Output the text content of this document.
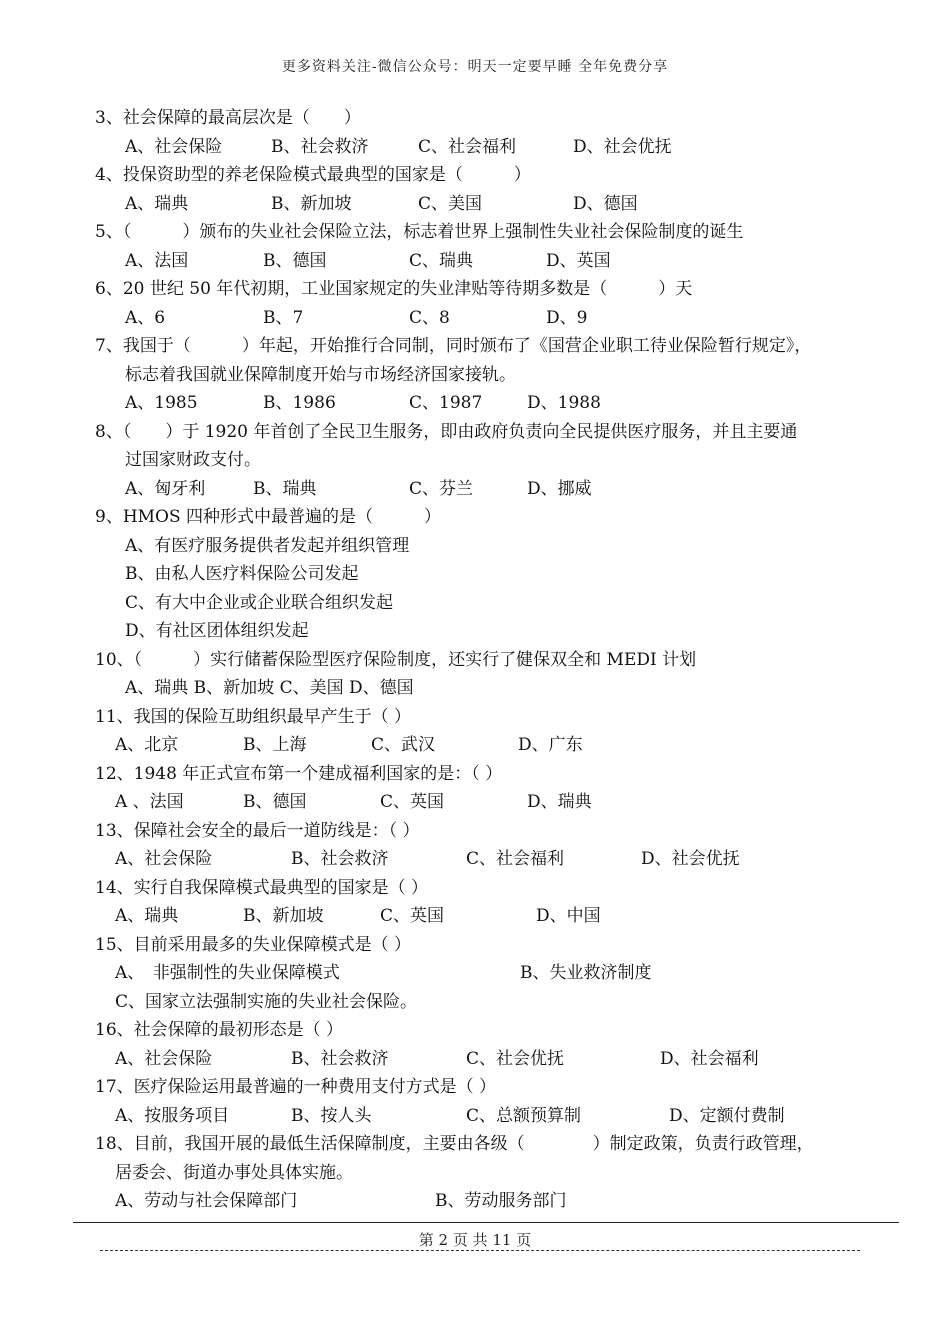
更多资料关注-微信公众号：明天一定要早睡 全年免费分享
3、社会保障的最高层次是（　　）
A、社会保险	B、社会救济	C、社会福利	D、社会优抚
4、投保资助型的养老保险模式最典型的国家是（　　　）
A、瑞典	B、新加坡	C、美国	D、德国
5、（　　　）颁布的失业社会保险立法，标志着世界上强制性失业社会保险制度的诞生
A、法国	B、德国	C、瑞典	D、英国
6、20 世纪 50 年代初期，工业国家规定的失业津贴等待期多数是（　　　）天
A、6	B、7	C、8	D、9
7、我国于（　　　）年起，开始推行合同制，同时颁布了《国营企业职工待业保险暂行规定》，
标志着我国就业保障制度开始与市场经济国家接轨。
A、1985	B、1986	C、1987	D、1988
8、（　　）于 1920 年首创了全民卫生服务，即由政府负责向全民提供医疗服务，并且主要通
过国家财政支付。
A、匈牙利	B、瑞典	C、芬兰	D、挪威
9、HMOS 四种形式中最普遍的是（　　　）
A、有医疗服务提供者发起并组织管理
B、由私人医疗料保险公司发起
C、有大中企业或企业联合组织发起
D、有社区团体组织发起
10、（　　　）实行储蓄保险型医疗保险制度，还实行了健保双全和 MEDI 计划
A、瑞典 B、新加坡 C、美国 D、德国
11、我国的保险互助组织最早产生于（ ）
A、北京	B、上海	C、武汉	D、广东
12、1948 年正式宣布第一个建成福利国家的是：（ ）
A 、法国	B、德国	C、英国	D、瑞典
13、保障社会安全的最后一道防线是：（ ）
A、社会保险	B、社会救济	C、社会福利	D、社会优抚
14、实行自我保障模式最典型的国家是（ ）
A、瑞典	B、新加坡	C、英国	D、中国
15、目前采用最多的失业保障模式是（ ）
A、　非强制性的失业保障模式	B、失业救济制度
C、国家立法强制实施的失业社会保险。
16、社会保障的最初形态是（ ）
A、社会保险	B、社会救济	C、社会优抚	D、社会福利
17、医疗保险运用最普遍的一种费用支付方式是（ ）
A、按服务项目	B、按人头	C、总额预算制	D、定额付费制
18、目前，我国开展的最低生活保障制度，主要由各级（　　　　）制定政策，负责行政管理，
居委会、街道办事处具体实施。
A、劳动与社会保障部门	B、劳动服务部门
第 2 页 共 11 页
